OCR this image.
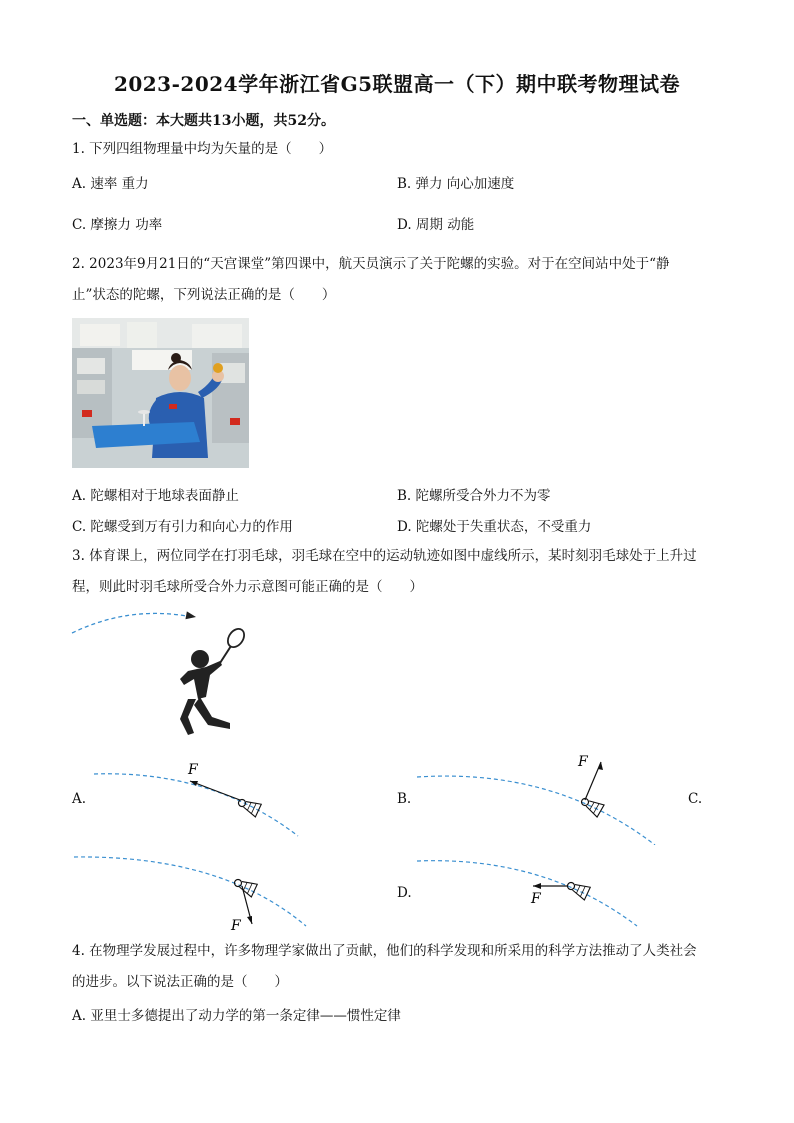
2023-2024学年浙江省G5联盟高一（下）期中联考物理试卷
一、单选题：本大题共13小题，共52分。
1. 下列四组物理量中均为矢量的是（　　）
A. 速率 重力	B. 弹力 向心加速度
C. 摩擦力 功率	D. 周期 动能
2. 2023年9月21日的“天宫课堂”第四课中，航天员演示了关于陀螺的实验。对于在空间站中处于“静
止”状态的陀螺，下列说法正确的是（　　）
A. 陀螺相对于地球表面静止	B. 陀螺所受合外力不为零
C. 陀螺受到万有引力和向心力的作用	D. 陀螺处于失重状态，不受重力
3. 体育课上，两位同学在打羽毛球，羽毛球在空中的运动轨迹如图中虚线所示，某时刻羽毛球处于上升过
程，则此时羽毛球所受合外力示意图可能正确的是（　　）
A.
F
B.
F
C.
F
D.	F
4. 在物理学发展过程中，许多物理学家做出了贡献，他们的科学发现和所采用的科学方法推动了人类社会
的进步。以下说法正确的是（　　）
A. 亚里士多德提出了动力学的第一条定律——惯性定律
